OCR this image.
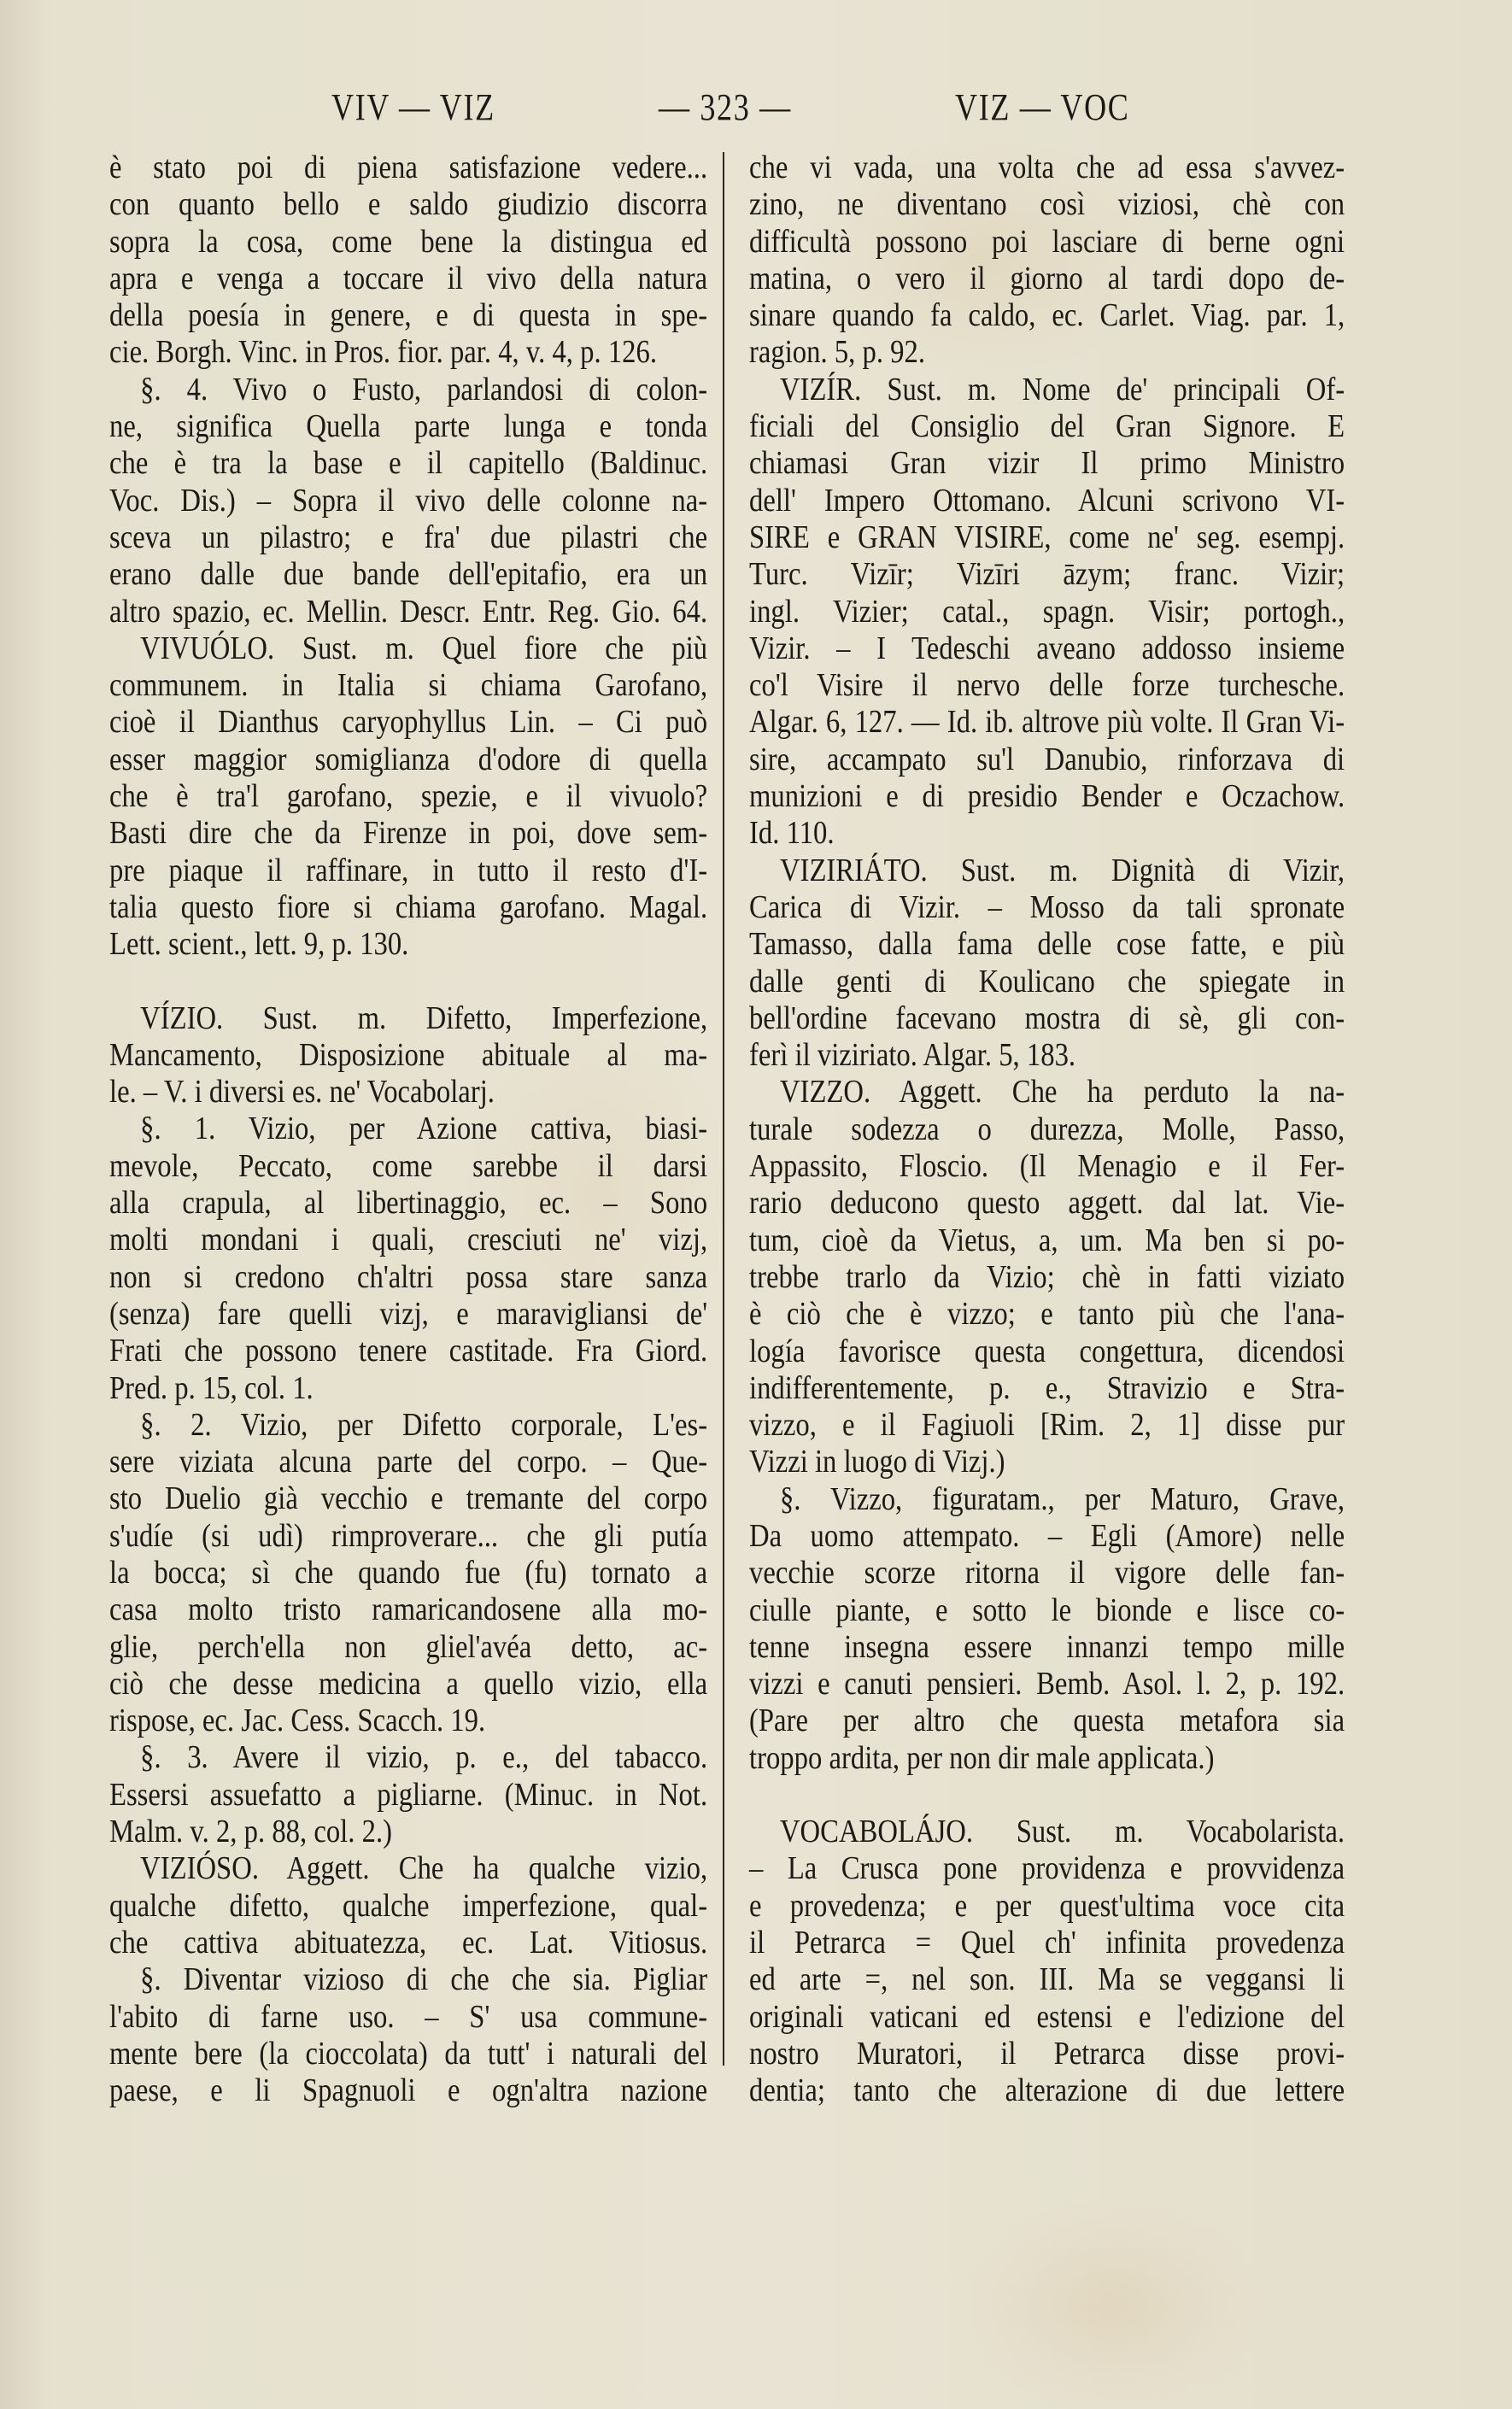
VIV — VIZ	— 323 —	VIZ — VOC
è stato poi di piena satisfazione vedere...
con quanto bello e saldo giudizio discorra
sopra la cosa, come bene la distingua ed
apra e venga a toccare il vivo della natura
della poesía in genere, e di questa in spe-
cie. Borgh. Vinc. in Pros. fior. par. 4, v. 4, p. 126.
§. 4. Vivo o Fusto, parlandosi di colon-
ne, significa Quella parte lunga e tonda
che è tra la base e il capitello (Baldinuc.
Voc. Dis.) – Sopra il vivo delle colonne na-
sceva un pilastro; e fra' due pilastri che
erano dalle due bande dell'epitafio, era un
altro spazio, ec. Mellin. Descr. Entr. Reg. Gio. 64.
VIVUÓLO. Sust. m. Quel fiore che più
communem. in Italia si chiama Garofano,
cioè il Dianthus caryophyllus Lin. – Ci può
esser maggior somiglianza d'odore di quella
che è tra'l garofano, spezie, e il vivuolo?
Basti dire che da Firenze in poi, dove sem-
pre piaque il raffinare, in tutto il resto d'I-
talia questo fiore si chiama garofano. Magal.
Lett. scient., lett. 9, p. 130.
VÍZIO. Sust. m. Difetto, Imperfezione,
Mancamento, Disposizione abituale al ma-
le. – V. i diversi es. ne' Vocabolarj.
§. 1. Vizio, per Azione cattiva, biasi-
mevole, Peccato, come sarebbe il darsi
alla crapula, al libertinaggio, ec. – Sono
molti mondani i quali, cresciuti ne' vizj,
non si credono ch'altri possa stare sanza
(senza) fare quelli vizj, e maravigliansi de'
Frati che possono tenere castitade. Fra Giord.
Pred. p. 15, col. 1.
§. 2. Vizio, per Difetto corporale, L'es-
sere viziata alcuna parte del corpo. – Que-
sto Duelio già vecchio e tremante del corpo
s'udíe (si udì) rimproverare... che gli putía
la bocca; sì che quando fue (fu) tornato a
casa molto tristo ramaricandosene alla mo-
glie, perch'ella non gliel'avéa detto, ac-
ciò che desse medicina a quello vizio, ella
rispose, ec. Jac. Cess. Scacch. 19.
§. 3. Avere il vizio, p. e., del tabacco.
Essersi assuefatto a pigliarne. (Minuc. in Not.
Malm. v. 2, p. 88, col. 2.)
VIZIÓSO. Aggett. Che ha qualche vizio,
qualche difetto, qualche imperfezione, qual-
che cattiva abituatezza, ec. Lat. Vitiosus.
§. Diventar vizioso di che che sia. Pigliar
l'abito di farne uso. – S' usa commune-
mente bere (la cioccolata) da tutt' i naturali del
paese, e li Spagnuoli e ogn'altra nazione
che vi vada, una volta che ad essa s'avvez-
zino, ne diventano così viziosi, chè con
difficultà possono poi lasciare di berne ogni
matina, o vero il giorno al tardi dopo de-
sinare quando fa caldo, ec. Carlet. Viag. par. 1,
ragion. 5, p. 92.
VIZÍR. Sust. m. Nome de' principali Of-
ficiali del Consiglio del Gran Signore. E
chiamasi Gran vizir Il primo Ministro
dell' Impero Ottomano. Alcuni scrivono VI-
SIRE e GRAN VISIRE, come ne' seg. esempj.
Turc. Vizīr; Vizīri āzym; franc. Vizir;
ingl. Vizier; catal., spagn. Visir; portogh.,
Vizir. – I Tedeschi aveano addosso insieme
co'l Visire il nervo delle forze turchesche.
Algar. 6, 127. — Id. ib. altrove più volte. Il Gran Vi-
sire, accampato su'l Danubio, rinforzava di
munizioni e di presidio Bender e Oczachow.
Id. 110.
VIZIRIÁTO. Sust. m. Dignità di Vizir,
Carica di Vizir. – Mosso da tali spronate
Tamasso, dalla fama delle cose fatte, e più
dalle genti di Koulicano che spiegate in
bell'ordine facevano mostra di sè, gli con-
ferì il viziriato. Algar. 5, 183.
VIZZO. Aggett. Che ha perduto la na-
turale sodezza o durezza, Molle, Passo,
Appassito, Floscio. (Il Menagio e il Fer-
rario deducono questo aggett. dal lat. Vie-
tum, cioè da Vietus, a, um. Ma ben si po-
trebbe trarlo da Vizio; chè in fatti viziato
è ciò che è vizzo; e tanto più che l'ana-
logía favorisce questa congettura, dicendosi
indifferentemente, p. e., Stravizio e Stra-
vizzo, e il Fagiuoli [Rim. 2, 1] disse pur
Vizzi in luogo di Vizj.)
§. Vizzo, figuratam., per Maturo, Grave,
Da uomo attempato. – Egli (Amore) nelle
vecchie scorze ritorna il vigore delle fan-
ciulle piante, e sotto le bionde e lisce co-
tenne insegna essere innanzi tempo mille
vizzi e canuti pensieri. Bemb. Asol. l. 2, p. 192.
(Pare per altro che questa metafora sia
troppo ardita, per non dir male applicata.)
VOCABOLÁJO. Sust. m. Vocabolarista.
– La Crusca pone providenza e provvidenza
e provedenza; e per quest'ultima voce cita
il Petrarca = Quel ch' infinita provedenza
ed arte =, nel son. III. Ma se veggansi li
originali vaticani ed estensi e l'edizione del
nostro Muratori, il Petrarca disse provi-
dentia; tanto che alterazione di due lettere
